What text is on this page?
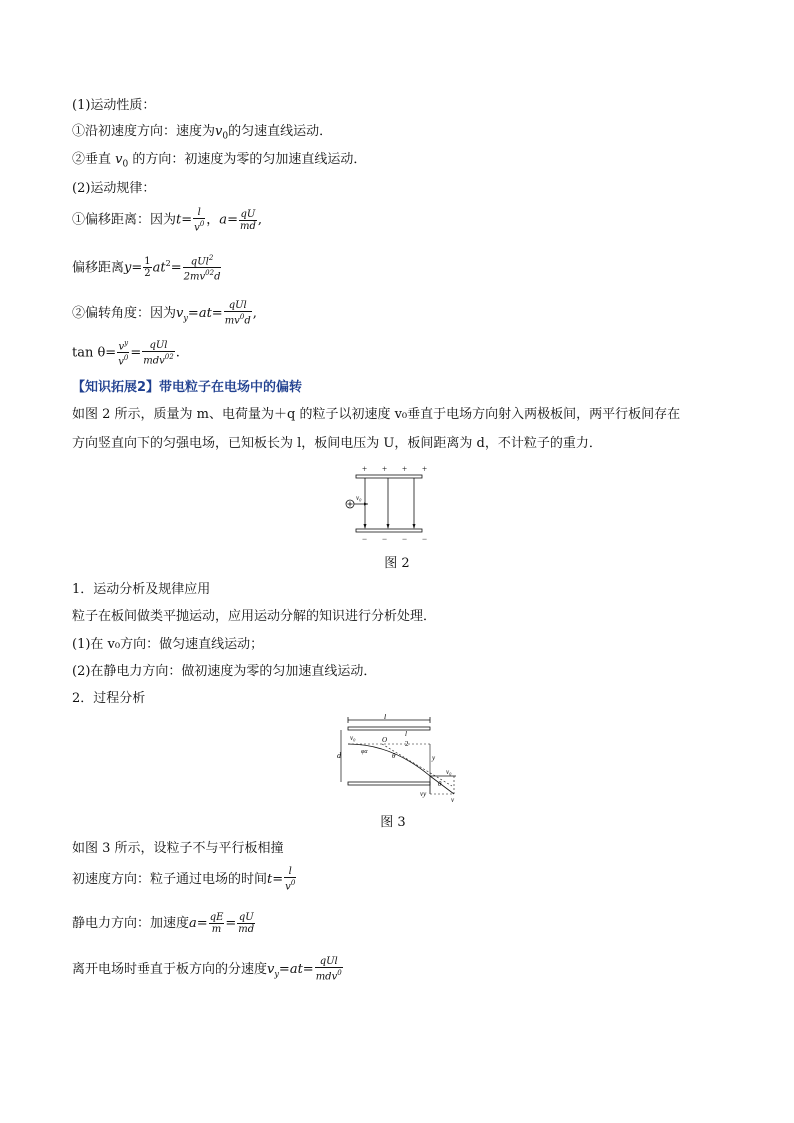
(1)运动性质：
①沿初速度方向：速度为$v_0$的匀速直线运动．
②垂直 $v_0$ 的方向：初速度为零的匀加速直线运动．
(2)运动规律：
①偏移距离：因为$t= \frac{l}{v^0}$ ，$a= \frac{qU}{md}$ ,
偏移距离$y= \frac{1}{2} at^2= \frac{qUl^2}{2mv^{02}d}$
②偏转角度：因为$v_y=at= \frac{\text{qUl}}{mv^0d}$ ,
$\tan \theta= \frac{v^y}{v^0} = \frac{\text{qUl}}{mdv^{02}}$ .
【知识拓展2】带电粒子在电场中的偏转
如图 2 所示，质量为 m、电荷量为＋q 的粒子以初速度 v₀垂直于电场方向射入两极板间，两平行板间存在
方向竖直向下的匀强电场，已知板长为 l，板间电压为 U，板间距离为 d，不计粒子的重力．
+ + + +
v₀
− − − −
图 2
1．运动分析及规律应用
粒子在板间做类平抛运动，应用运动分解的知识进行分析处理．
(1)在 v₀方向：做匀速直线运动；
(2)在静电力方向：做初速度为零的匀加速直线运动．
2．过程分析
l
d
v₀	O
l
2
θ
φα
y
v₀
vy
v
θ
图 3
如图 3 所示，设粒子不与平行板相撞
初速度方向：粒子通过电场的时间$t= \frac{l}{v^0}$
静电力方向：加速度$a= \frac{qE}{m} = \frac{qU}{md}$
离开电场时垂直于板方向的分速度$v_y=at= \frac{\text{qUl}}{mdv^0}$
